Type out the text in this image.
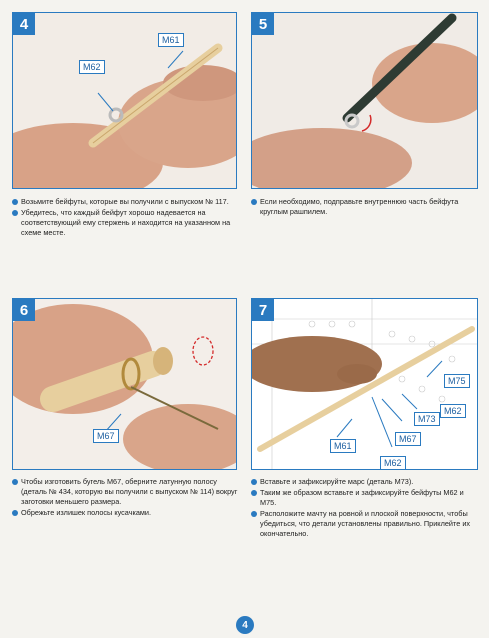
4
M61
M62
Возьмите бейфуты, которые вы получили с выпуском № 117.
Убедитесь, что каждый бейфут хорошо надевается на соответствующий ему стержень и находится на указанном на схеме месте.
5
Если необходимо, подправьте внутреннюю часть бейфута круглым рашпилем.
6
M67
Чтобы изготовить бугель М67, оберните латунную полосу (деталь № 434, которую вы получили с выпуском № 114) вокруг заготовки меньшего размера.
Обрежьте излишек полосы кусачками.
7
M75
M62
M73
M67
M61
M62
Вставьте и зафиксируйте марс (деталь М73).
Таким же образом вставьте и зафиксируйте бейфуты М62 и М75.
Расположите мачту на ровной и плоской поверхности, чтобы убедиться, что детали установлены правильно. Приклейте их окончательно.
4
